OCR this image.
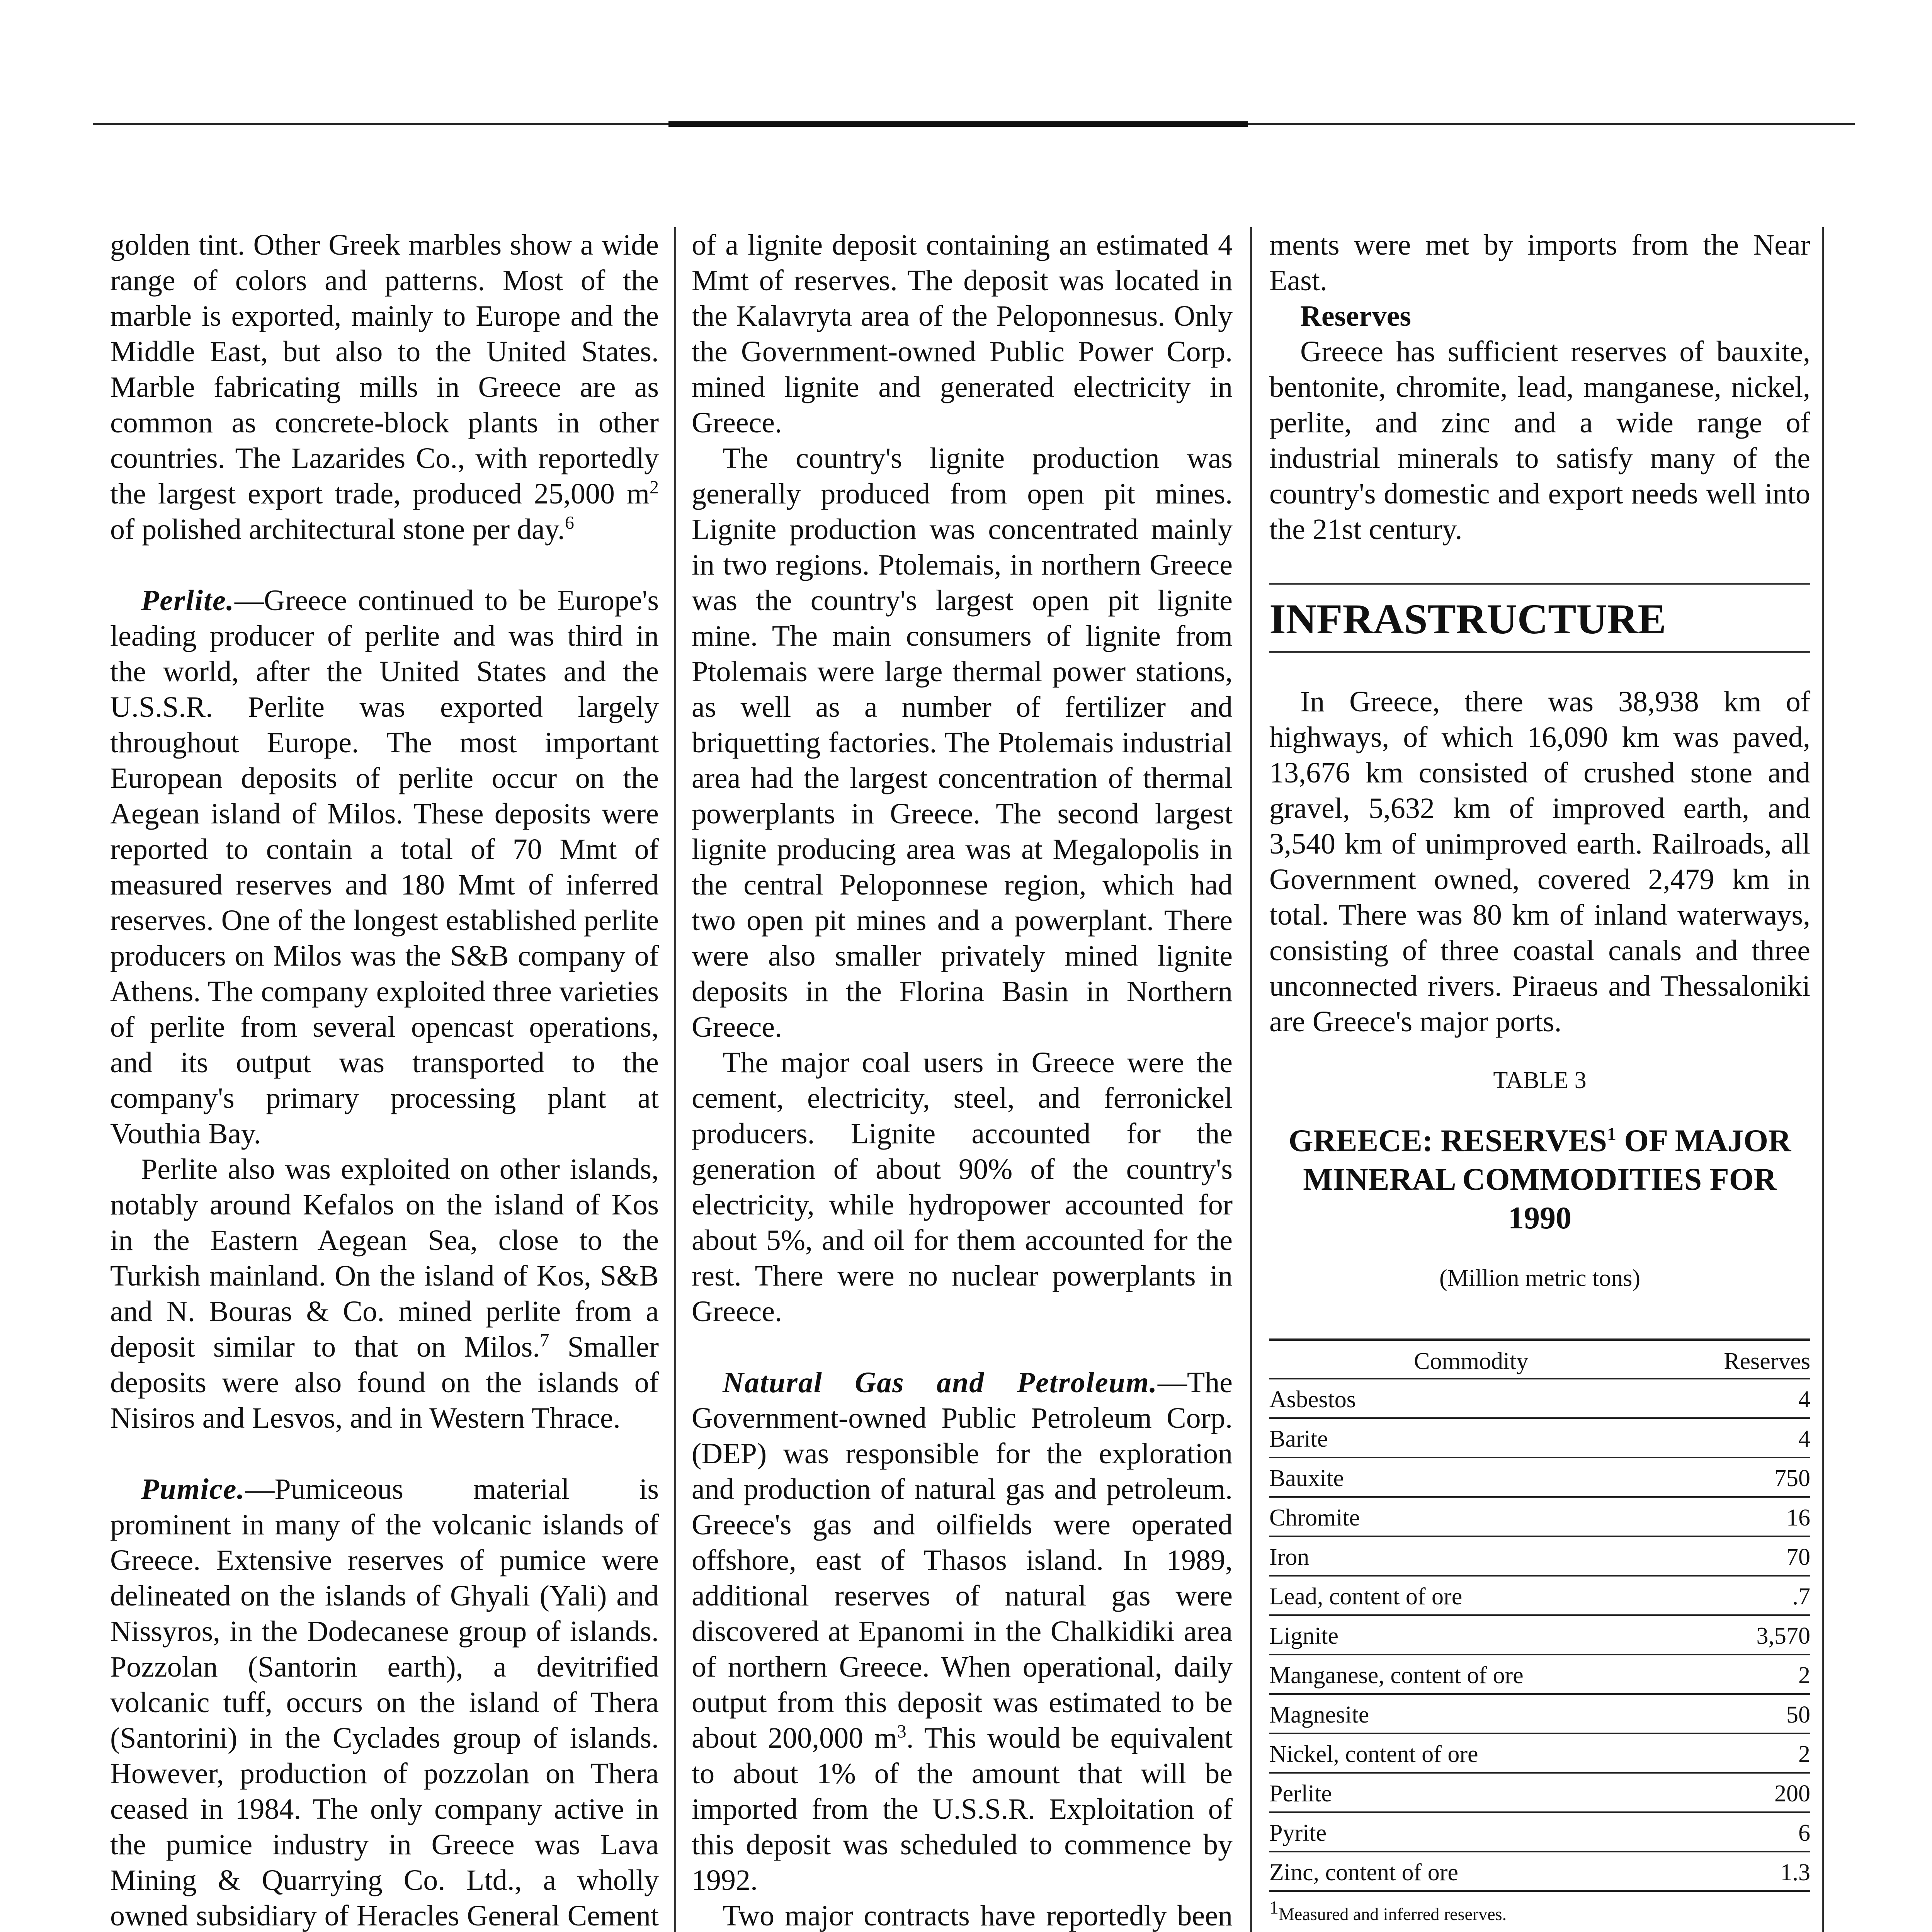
golden tint. Other Greek marbles show a wide range of colors and patterns. Most of the marble is exported, mainly to Europe and the Middle East, but also to the United States. Marble fabricating mills in Greece are as common as concrete-block plants in other countries. The Lazarides Co., with reportedly the largest export trade, produced 25,000 $m^2$ of polished architectural stone per day.$^6$

Perlite.—Greece continued to be Europe's leading producer of perlite and was third in the world, after the United States and the U.S.S.R. Perlite was exported largely throughout Europe. The most important European deposits of perlite occur on the Aegean island of Milos. These deposits were reported to contain a total of 70 Mmt of measured reserves and 180 Mmt of inferred reserves. One of the longest established perlite producers on Milos was the S&B company of Athens. The company exploited three varieties of perlite from several opencast operations, and its output was transported to the company's primary processing plant at Vouthia Bay.

Perlite also was exploited on other islands, notably around Kefalos on the island of Kos in the Eastern Aegean Sea, close to the Turkish mainland. On the island of Kos, S&B and N. Bouras & Co. mined perlite from a deposit similar to that on Milos.$^7$ Smaller deposits were also found on the islands of Nisiros and Lesvos, and in Western Thrace.

Pumice.—Pumiceous material is prominent in many of the volcanic islands of Greece. Extensive reserves of pumice were delineated on the islands of Ghyali (Yali) and Nissyros, in the Dodecanese group of islands. Pozzolan (Santorin earth), a devitrified volcanic tuff, occurs on the island of Thera (Santorini) in the Cyclades group of islands. However, production of pozzolan on Thera ceased in 1984. The only company active in the pumice industry in Greece was Lava Mining & Quarrying Co. Ltd., a wholly owned subsidiary of Heracles General Cement

of a lignite deposit containing an estimated 4 Mmt of reserves. The deposit was located in the Kalavryta area of the Peloponnesus. Only the Government-owned Public Power Corp. mined lignite and generated electricity in Greece.

The country's lignite production was generally produced from open pit mines. Lignite production was concentrated mainly in two regions. Ptolemais, in northern Greece was the country's largest open pit lignite mine. The main consumers of lignite from Ptolemais were large thermal power stations, as well as a number of fertilizer and briquetting factories. The Ptolemais industrial area had the largest concentration of thermal powerplants in Greece. The second largest lignite producing area was at Megalopolis in the central Peloponnese region, which had two open pit mines and a powerplant. There were also smaller privately mined lignite deposits in the Florina Basin in Northern Greece.

The major coal users in Greece were the cement, electricity, steel, and ferronickel producers. Lignite accounted for the generation of about 90% of the country's electricity, while hydropower accounted for about 5%, and oil for them accounted for the rest. There were no nuclear powerplants in Greece.

Natural Gas and Petroleum.—The Government-owned Public Petroleum Corp. (DEP) was responsible for the exploration and production of natural gas and petroleum. Greece's gas and oilfields were operated offshore, east of Thasos island. In 1989, additional reserves of natural gas were discovered at Epanomi in the Chalkidiki area of northern Greece. When operational, daily output from this deposit was estimated to be about 200,000 $m^3$. This would be equivalent to about 1% of the amount that will be imported from the U.S.S.R. Exploitation of this deposit was scheduled to commence by 1992.

Two major contracts have reportedly been

ments were met by imports from the Near East.

Reserves

Greece has sufficient reserves of bauxite, bentonite, chromite, lead, manganese, nickel, perlite, and zinc and a wide range of industrial minerals to satisfy many of the country's domestic and export needs well into the 21st century.

INFRASTRUCTURE

In Greece, there was 38,938 km of highways, of which 16,090 km was paved, 13,676 km consisted of crushed stone and gravel, 5,632 km of improved earth, and 3,540 km of unimproved earth. Railroads, all Government owned, covered 2,479 km in total. There was 80 km of inland waterways, consisting of three coastal canals and three unconnected rivers. Piraeus and Thessaloniki are Greece's major ports.

TABLE 3
GREECE: RESERVES$^1$ OF MAJOR MINERAL COMMODITIES FOR 1990
(Million metric tons)
Commodity	Reserves
Asbestos	4
Barite	4
Bauxite	750
Chromite	16
Iron	70
Lead, content of ore	.7
Lignite	3,570
Manganese, content of ore	2
Magnesite	50
Nickel, content of ore	2
Perlite	200
Pyrite	6
Zinc, content of ore	1.3
$^1$Measured and inferred reserves.
